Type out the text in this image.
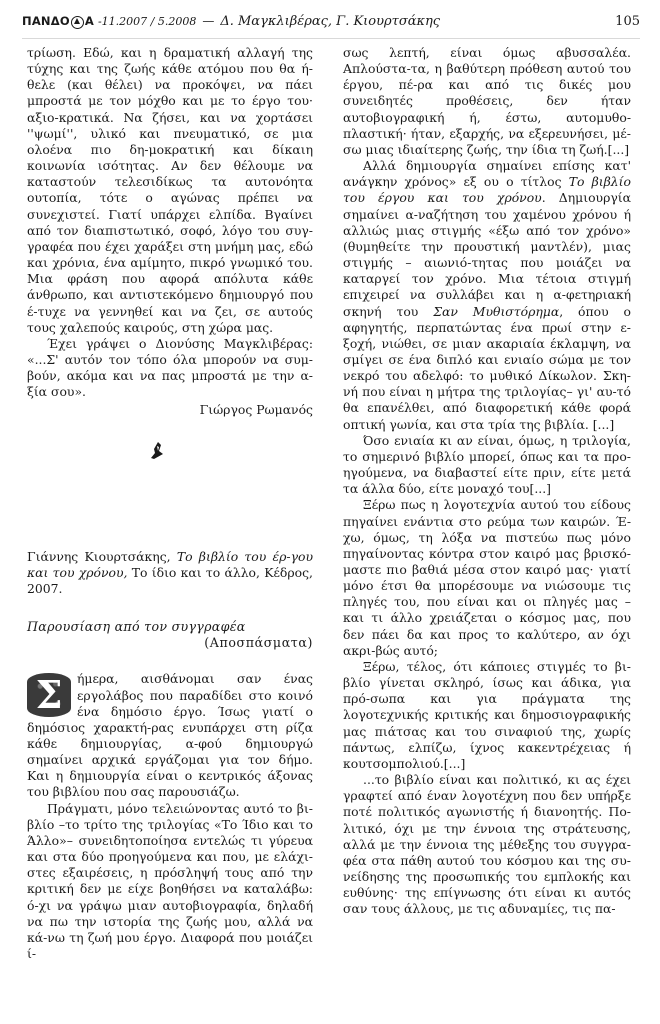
ΠΑΝΔΟ Α -11.2007 / 5.2008 — Δ. Μαγκλιβέρας, Γ. Κιουρτσάκης	105

τρίωση. Εδώ, και η δραματική αλλαγή της τύχης και της ζωής κάθε ατόμου που θα ή-θελε (και θέλει) να προκόψει, να πάει μπροστά με τον μόχθο και με το έργο του· αξιο-κρατικά. Να ζήσει, και να χορτάσει ''ψωμί'', υλικό και πνευματικό, σε μια ολοένα πιο δη-μοκρατική και δίκαιη κοινωνία ισότητας. Αν δεν θέλουμε να καταστούν τελεσιδίκως τα αυτονόητα ουτοπία, τότε ο αγώνας πρέπει να συνεχιστεί. Γιατί υπάρχει ελπίδα. Βγαίνει από τον διαπιστωτικό, σοφό, λόγο του συγ-γραφέα που έχει χαράξει στη μνήμη μας, εδώ και χρόνια, ένα αμίμητο, πικρό γνωμικό του. Μια φράση που αφορά απόλυτα κάθε άνθρωπο, και αντιστεκόμενο δημιουργό που έ-τυχε να γεννηθεί και να ζει, σε αυτούς τους χαλεπούς καιρούς, στη χώρα μας.

Έχει γράψει ο Διονύσης Μαγκλιβέρας: «...Σ' αυτόν τον τόπο όλα μπορούν να συμ-βούν, ακόμα και να πας μπροστά με την α-ξία σου».

Γιώργος Ρωμανός

Γιάννης Κιουρτσάκης, Το βιβλίο του έρ-γου και του χρόνου, Το ίδιο και το άλλο, Κέδρος, 2007.

Παρουσίαση από τον συγγραφέα

(Αποσπάσματα)

Σ	ήμερα, αισθάνομαι σαν ένας εργολάβος που παραδίδει στο κοινό ένα δημόσιο έργο. Ίσως γιατί ο δημόσιος χαρακτή-ρας ενυπάρχει στη ρίζα κάθε δημιουργίας, α-φού δημιουργώ σημαίνει αρχικά εργάζομαι για τον δήμο. Και η δημιουργία είναι ο κεντρικός άξονας του βιβλίου που σας παρουσιάζω.

Πράγματι, μόνο τελειώνοντας αυτό το βι-βλίο –το τρίτο της τριλογίας «Το Ίδιο και το Άλλο»– συνειδητοποίησα εντελώς τι γύρευα και στα δύο προηγούμενα και που, με ελάχι-στες εξαιρέσεις, η πρόσληψή τους από την κριτική δεν με είχε βοηθήσει να καταλάβω: ό-χι να γράψω μιαν αυτοβιογραφία, δηλαδή να πω την ιστορία της ζωής μου, αλλά να κά-νω τη ζωή μου έργο. Διαφορά που μοιάζει ί-

σως λεπτή, είναι όμως αβυσσαλέα. Απλούστα-τα, η βαθύτερη πρόθεση αυτού του έργου, πέ-ρα και από τις δικές μου συνειδητές προθέσεις, δεν ήταν αυτοβιογραφική ή, έστω, αυτομυθο-πλαστική· ήταν, εξαρχής, να εξερευνήσει, μέ-σω μιας ιδιαίτερης ζωής, την ίδια τη ζωή.[...]

Αλλά δημιουργία σημαίνει επίσης κατ' ανάγκην χρόνος» εξ ου ο τίτλος Το βιβλίο του έργου και του χρόνου. Δημιουργία σημαίνει α-ναζήτηση του χαμένου χρόνου ή αλλιώς μιας στιγμής «έξω από τον χρόνο» (θυμηθείτε την προυστική μαντλέν), μιας στιγμής – αιωνιό-τητας που μοιάζει να καταργεί τον χρόνο. Μια τέτοια στιγμή επιχειρεί να συλλάβει και η α-φετηριακή σκηνή του Σαν Μυθιστόρημα, όπου ο αφηγητής, περπατώντας ένα πρωί στην ε-ξοχή, νιώθει, σε μιαν ακαριαία έκλαμψη, να σμίγει σε ένα διπλό και ενιαίο σώμα με τον νεκρό του αδελφό: το μυθικό Δίκωλον. Σκη-νή που είναι η μήτρα της τριλογίας– γι' αυ-τό θα επανέλθει, από διαφορετική κάθε φορά οπτική γωνία, και στα τρία της βιβλία. [...]

Όσο ενιαία κι αν είναι, όμως, η τριλογία, το σημερινό βιβλίο μπορεί, όπως και τα προ-ηγούμενα, να διαβαστεί είτε πριν, είτε μετά τα άλλα δύο, είτε μοναχό του[...]

Ξέρω πως η λογοτεχνία αυτού του είδους πηγαίνει ενάντια στο ρεύμα των καιρών. Έ-χω, όμως, τη λόξα να πιστεύω πως μόνο πηγαίνοντας κόντρα στον καιρό μας βρισκό-μαστε πιο βαθιά μέσα στον καιρό μας· γιατί μόνο έτσι θα μπορέσουμε να νιώσουμε τις πληγές του, που είναι και οι πληγές μας – και τι άλλο χρειάζεται ο κόσμος μας, που δεν πάει δα και προς το καλύτερο, αν όχι ακρι-βώς αυτό;

Ξέρω, τέλος, ότι κάποιες στιγμές το βι-βλίο γίνεται σκληρό, ίσως και άδικα, για πρό-σωπα και για πράγματα της λογοτεχνικής κριτικής και δημοσιογραφικής μας πιάτσας και του σιναφιού της, χωρίς πάντως, ελπίζω, ίχνος κακεντρέχειας ή κουτσομπολιού.[...]

...το βιβλίο είναι και πολιτικό, κι ας έχει γραφτεί από έναν λογοτέχνη που δεν υπήρξε ποτέ πολιτικός αγωνιστής ή διανοητής. Πο-λιτικό, όχι με την έννοια της στράτευσης, αλλά με την έννοια της μέθεξης του συγγρα-φέα στα πάθη αυτού του κόσμου και της συ-νείδησης της προσωπικής του εμπλοκής και ευθύνης· της επίγνωσης ότι είναι κι αυτός σαν τους άλλους, με τις αδυναμίες, τις πα-
